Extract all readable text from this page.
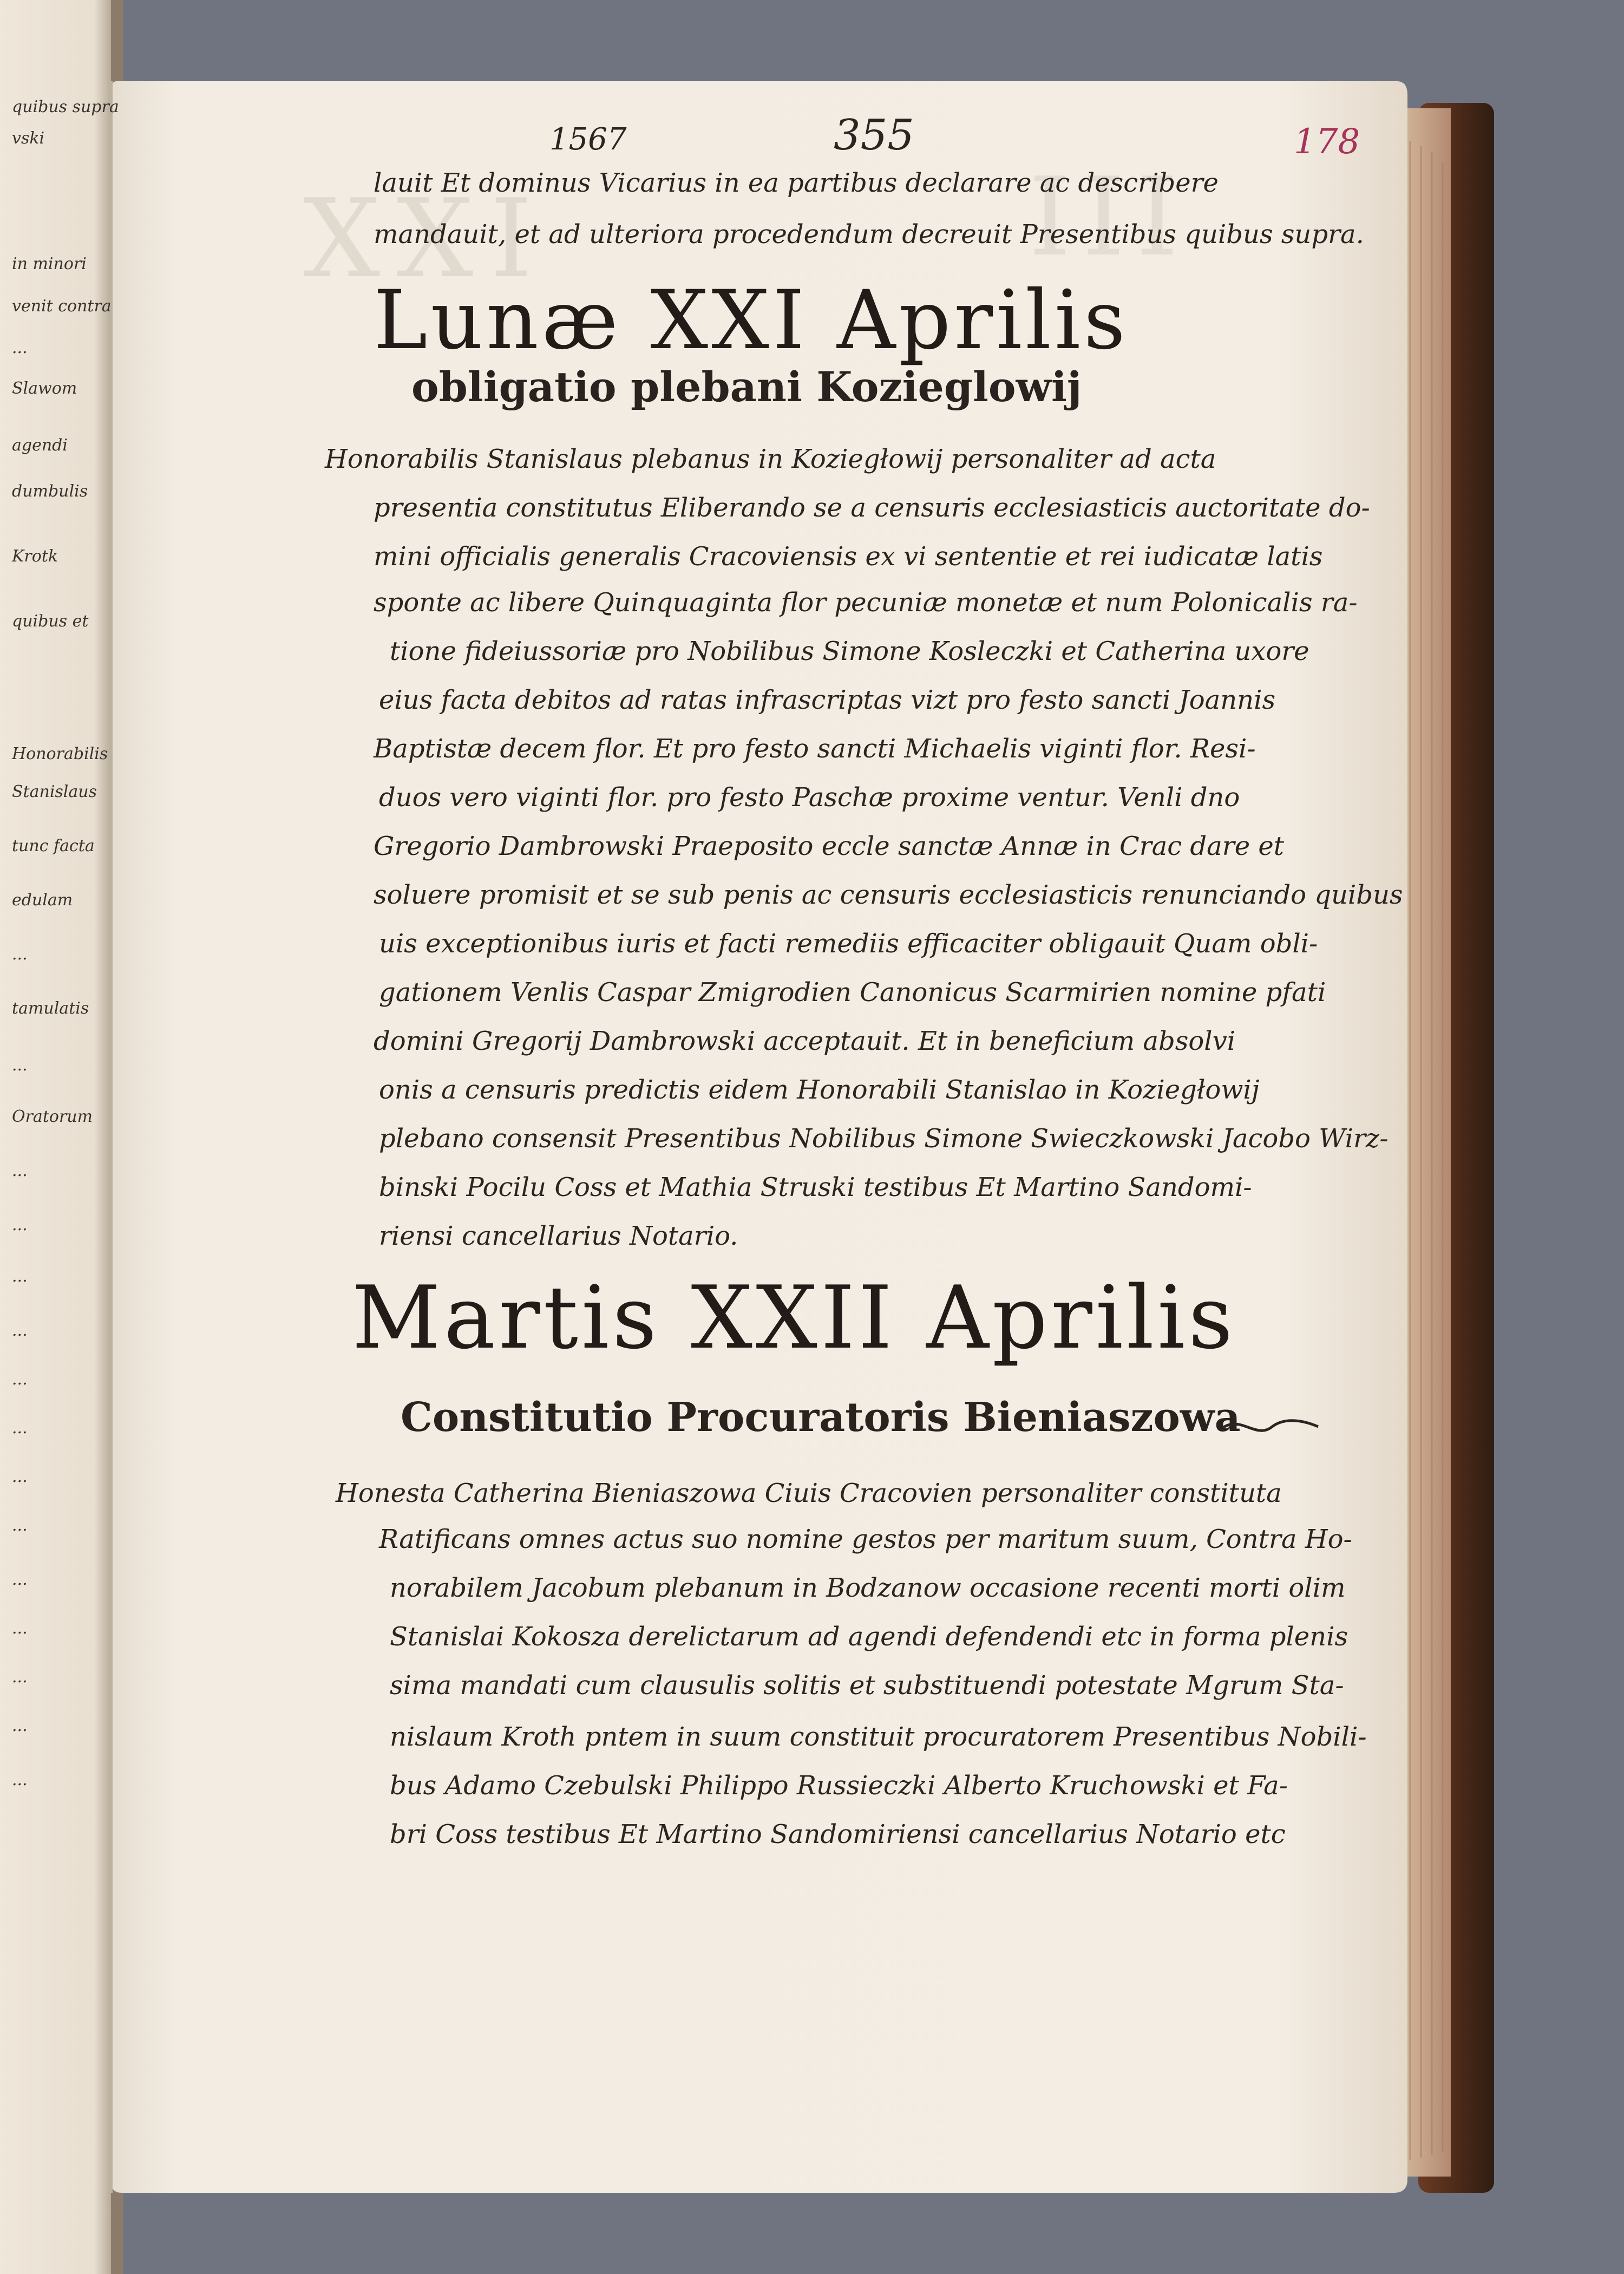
XXI	III

quibus supra

vski

in minori

venit contra

...

Slawom

agendi

dumbulis

Krotk

quibus et

Honorabilis

Stanislaus

tunc facta

edulam

...

tamulatis

...

Oratorum

...

...

...

...

...

...

...

...

...

...

...

...

...

1567	355	178

lauit Et dominus Vicarius in ea partibus declarare ac describere

mandauit, et ad ulteriora procedendum decreuit Presentibus quibus supra.

Lunæ XXI Aprilis
obligatio plebani Kozieglowij

Honorabilis Stanislaus plebanus in Koziegłowij personaliter ad acta

presentia constitutus Eliberando se a censuris ecclesiasticis auctoritate do-

mini officialis generalis Cracoviensis ex vi sententie et rei iudicatæ latis

sponte ac libere Quinquaginta flor pecuniæ monetæ et num Polonicalis ra-

tione fideiussoriæ pro Nobilibus Simone Kosleczki et Catherina uxore

eius facta debitos ad ratas infrascriptas vizt pro festo sancti Joannis

Baptistæ decem flor. Et pro festo sancti Michaelis viginti flor. Resi-

duos vero viginti flor. pro festo Paschæ proxime ventur. Venli dno

Gregorio Dambrowski Praeposito eccle sanctæ Annæ in Crac dare et

soluere promisit et se sub penis ac censuris ecclesiasticis renunciando quibus

uis exceptionibus iuris et facti remediis efficaciter obligauit Quam obli-

gationem Venlis Caspar Zmigrodien Canonicus Scarmirien nomine pfati

domini Gregorij Dambrowski acceptauit. Et in beneficium absolvi

onis a censuris predictis eidem Honorabili Stanislao in Koziegłowij

plebano consensit Presentibus Nobilibus Simone Swieczkowski Jacobo Wirz-

binski Pocilu Coss et Mathia Struski testibus Et Martino Sandomi-

riensi cancellarius Notario.

Martis XXII Aprilis
Constitutio Procuratoris Bieniaszowa

Honesta Catherina Bieniaszowa Ciuis Cracovien personaliter constituta

Ratificans omnes actus suo nomine gestos per maritum suum, Contra Ho-

norabilem Jacobum plebanum in Bodzanow occasione recenti morti olim

Stanislai Kokosza derelictarum ad agendi defendendi etc in forma plenis

sima mandati cum clausulis solitis et substituendi potestate Mgrum Sta-

nislaum Kroth pntem in suum constituit procuratorem Presentibus Nobili-

bus Adamo Czebulski Philippo Russieczki Alberto Kruchowski et Fa-

bri Coss testibus Et Martino Sandomiriensi cancellarius Notario etc
